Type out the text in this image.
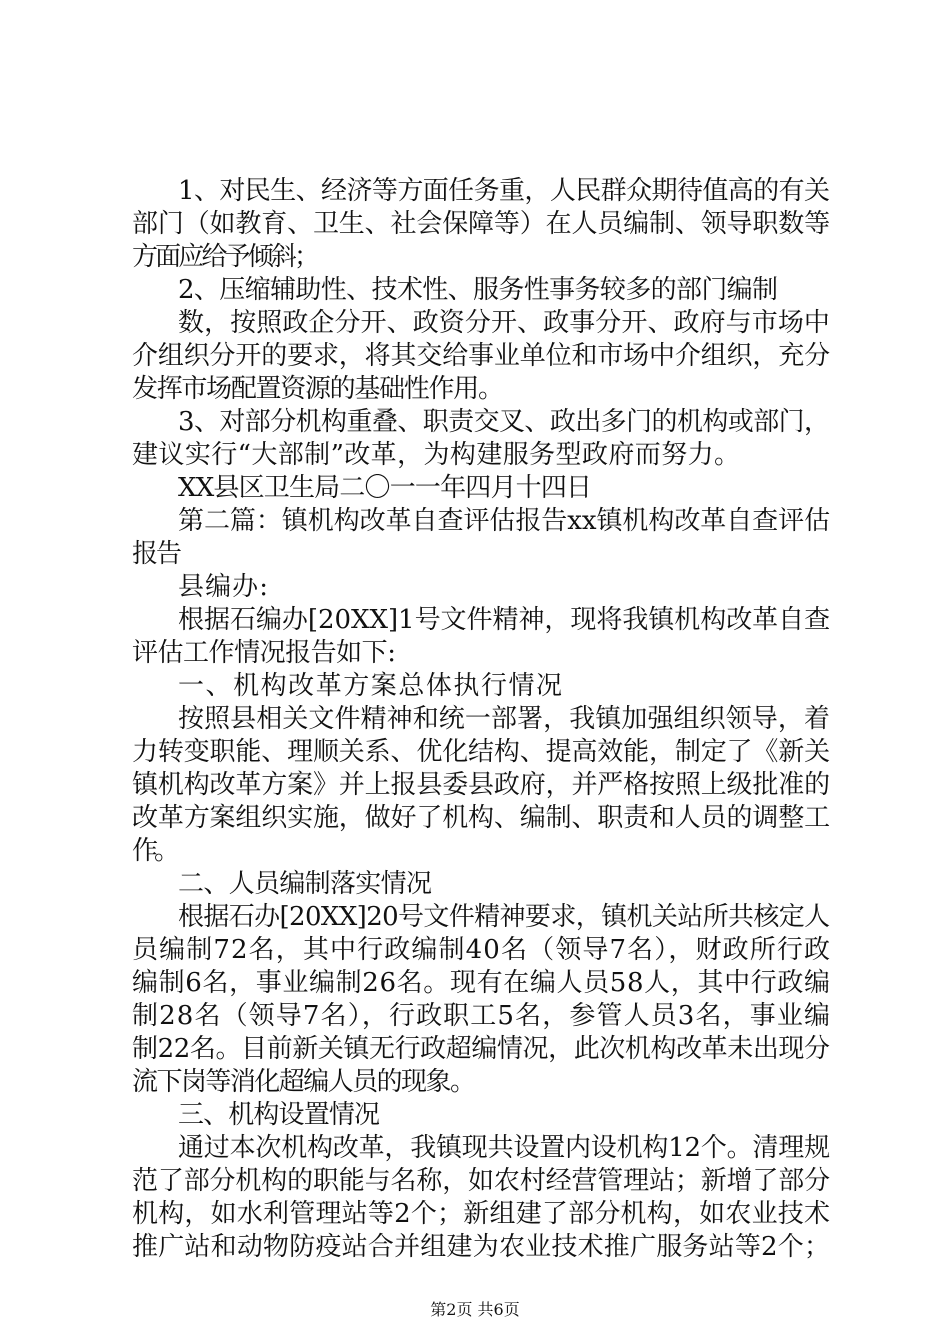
1、对民生、经济等方面任务重，人民群众期待值高的有关
部门（如教育、卫生、社会保障等）在人员编制、领导职数等
方面应给予倾斜；
2、压缩辅助性、技术性、服务性事务较多的部门编制
数，按照政企分开、政资分开、政事分开、政府与市场中
介组织分开的要求，将其交给事业单位和市场中介组织，充分
发挥市场配置资源的基础性作用。
3、对部分机构重叠、职责交叉、政出多门的机构或部门，
建议实行“大部制”改革，为构建服务型政府而努力。
XX县区卫生局二〇一一年四月十四日
第二篇：镇机构改革自查评估报告xx镇机构改革自查评估
报告
县编办:
根据石编办[20XX]1号文件精神，现将我镇机构改革自查
评估工作情况报告如下:
一、机构改革方案总体执行情况
按照县相关文件精神和统一部署，我镇加强组织领导，着
力转变职能、理顺关系、优化结构、提高效能，制定了《新关
镇机构改革方案》并上报县委县政府，并严格按照上级批准的
改革方案组织实施，做好了机构、编制、职责和人员的调整工
作。
二、人员编制落实情况
根据石办[20XX]20号文件精神要求，镇机关站所共核定人
员编制72名，其中行政编制40名（领导7名），财政所行政
编制6名，事业编制26名。现有在编人员58人，其中行政编
制28名（领导7名），行政职工5名，参管人员3名，事业编
制22名。目前新关镇无行政超编情况，此次机构改革未出现分
流下岗等消化超编人员的现象。
三、机构设置情况
通过本次机构改革，我镇现共设置内设机构12个。清理规
范了部分机构的职能与名称，如农村经营管理站；新增了部分
机构，如水利管理站等2个；新组建了部分机构，如农业技术
推广站和动物防疫站合并组建为农业技术推广服务站等2个；
第2页 共6页
